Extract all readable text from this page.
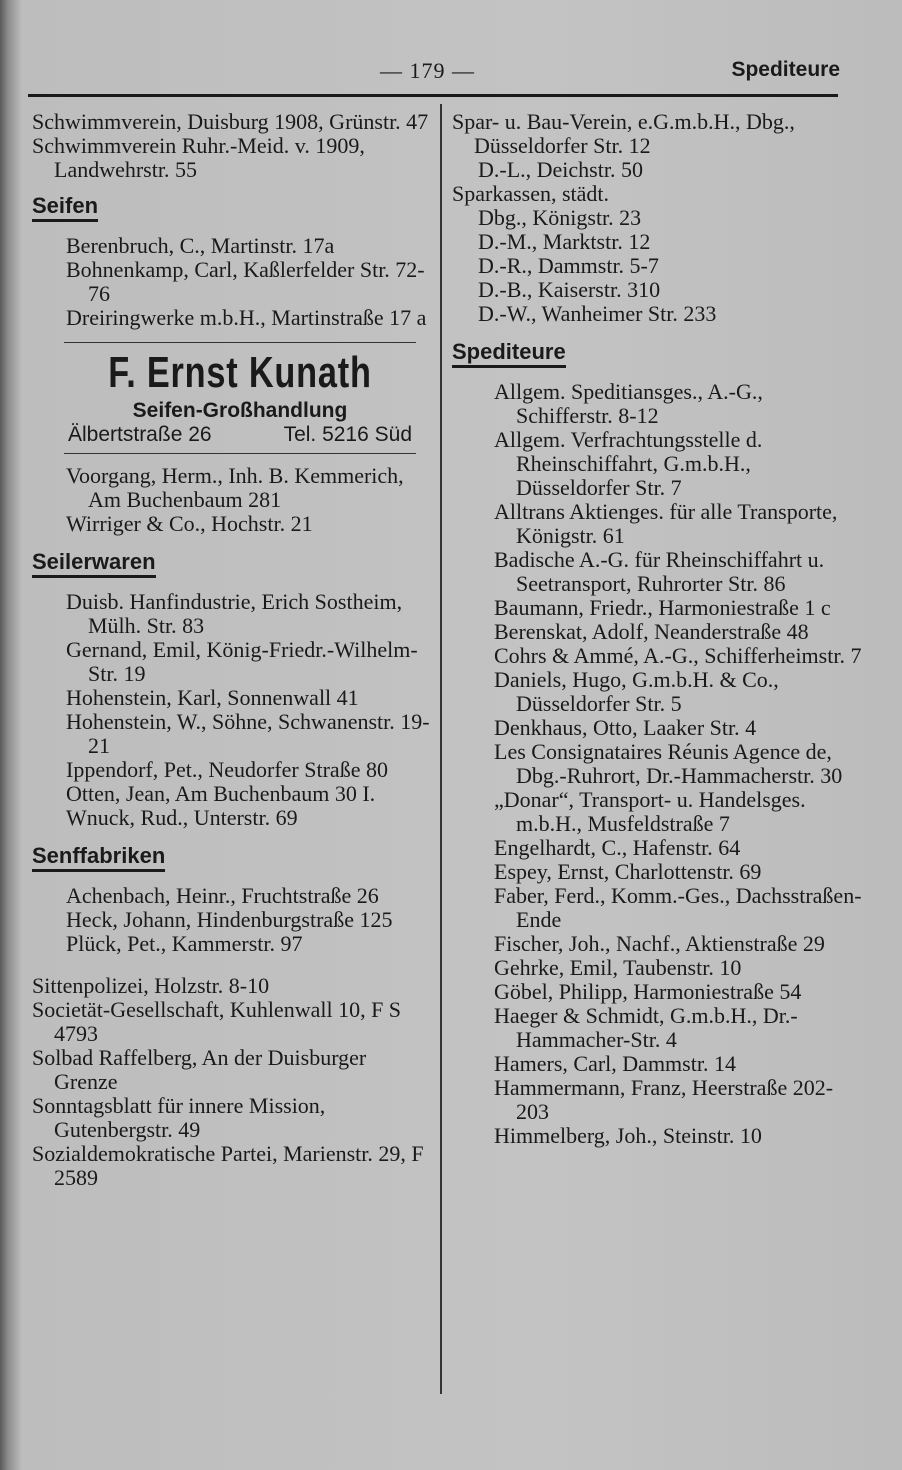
— 179 —	Spediteure
Schwimmverein, Duisburg 1908, Grünstr. 47
Schwimmverein Ruhr.-Meid. v. 1909, Landwehrstr. 55
Seifen
Berenbruch, C., Martinstr. 17a
Bohnenkamp, Carl, Kaßlerfelder Str. 72-76
Dreiringwerke m.b.H., Martinstraße 17 a
F. Ernst Kunath
Seifen-Großhandlung
Älbertstraße 26	Tel. 5216 Süd
Voorgang, Herm., Inh. B. Kemmerich, Am Buchenbaum 281
Wirriger & Co., Hochstr. 21
Seilerwaren
Duisb. Hanfindustrie, Erich Sostheim, Mülh. Str. 83
Gernand, Emil, König-Friedr.-Wilhelm-Str. 19
Hohenstein, Karl, Sonnenwall 41
Hohenstein, W., Söhne, Schwanenstr. 19-21
Ippendorf, Pet., Neudorfer Straße 80
Otten, Jean, Am Buchenbaum 30 I.
Wnuck, Rud., Unterstr. 69
Senffabriken
Achenbach, Heinr., Fruchtstraße 26
Heck, Johann, Hindenburgstraße 125
Plück, Pet., Kammerstr. 97
Sittenpolizei, Holzstr. 8-10
Societät-Gesellschaft, Kuhlenwall 10, F S 4793
Solbad Raffelberg, An der Duisburger Grenze
Sonntagsblatt für innere Mission, Gutenbergstr. 49
Sozialdemokratische Partei, Marienstr. 29, F 2589
Spar- u. Bau-Verein, e.G.m.b.H., Dbg., Düsseldorfer Str. 12
D.-L., Deichstr. 50
Sparkassen, städt.
Dbg., Königstr. 23
D.-M., Marktstr. 12
D.-R., Dammstr. 5-7
D.-B., Kaiserstr. 310
D.-W., Wanheimer Str. 233
Spediteure
Allgem. Speditiansges., A.-G., Schifferstr. 8-12
Allgem. Verfrachtungsstelle d. Rheinschiffahrt, G.m.b.H., Düsseldorfer Str. 7
Alltrans Aktienges. für alle Transporte, Königstr. 61
Badische A.-G. für Rheinschiffahrt u. Seetransport, Ruhrorter Str. 86
Baumann, Friedr., Harmoniestraße 1 c
Berenskat, Adolf, Neanderstraße 48
Cohrs & Ammé, A.-G., Schifferheimstr. 7
Daniels, Hugo, G.m.b.H. & Co., Düsseldorfer Str. 5
Denkhaus, Otto, Laaker Str. 4
Les Consignataires Réunis Agence de, Dbg.-Ruhrort, Dr.-Hammacherstr. 30
„Donar“, Transport- u. Handelsges. m.b.H., Musfeldstraße 7
Engelhardt, C., Hafenstr. 64
Espey, Ernst, Charlottenstr. 69
Faber, Ferd., Komm.-Ges., Dachsstraßen-Ende
Fischer, Joh., Nachf., Aktienstraße 29
Gehrke, Emil, Taubenstr. 10
Göbel, Philipp, Harmoniestraße 54
Haeger & Schmidt, G.m.b.H., Dr.-Hammacher-Str. 4
Hamers, Carl, Dammstr. 14
Hammermann, Franz, Heerstraße 202-203
Himmelberg, Joh., Steinstr. 10
